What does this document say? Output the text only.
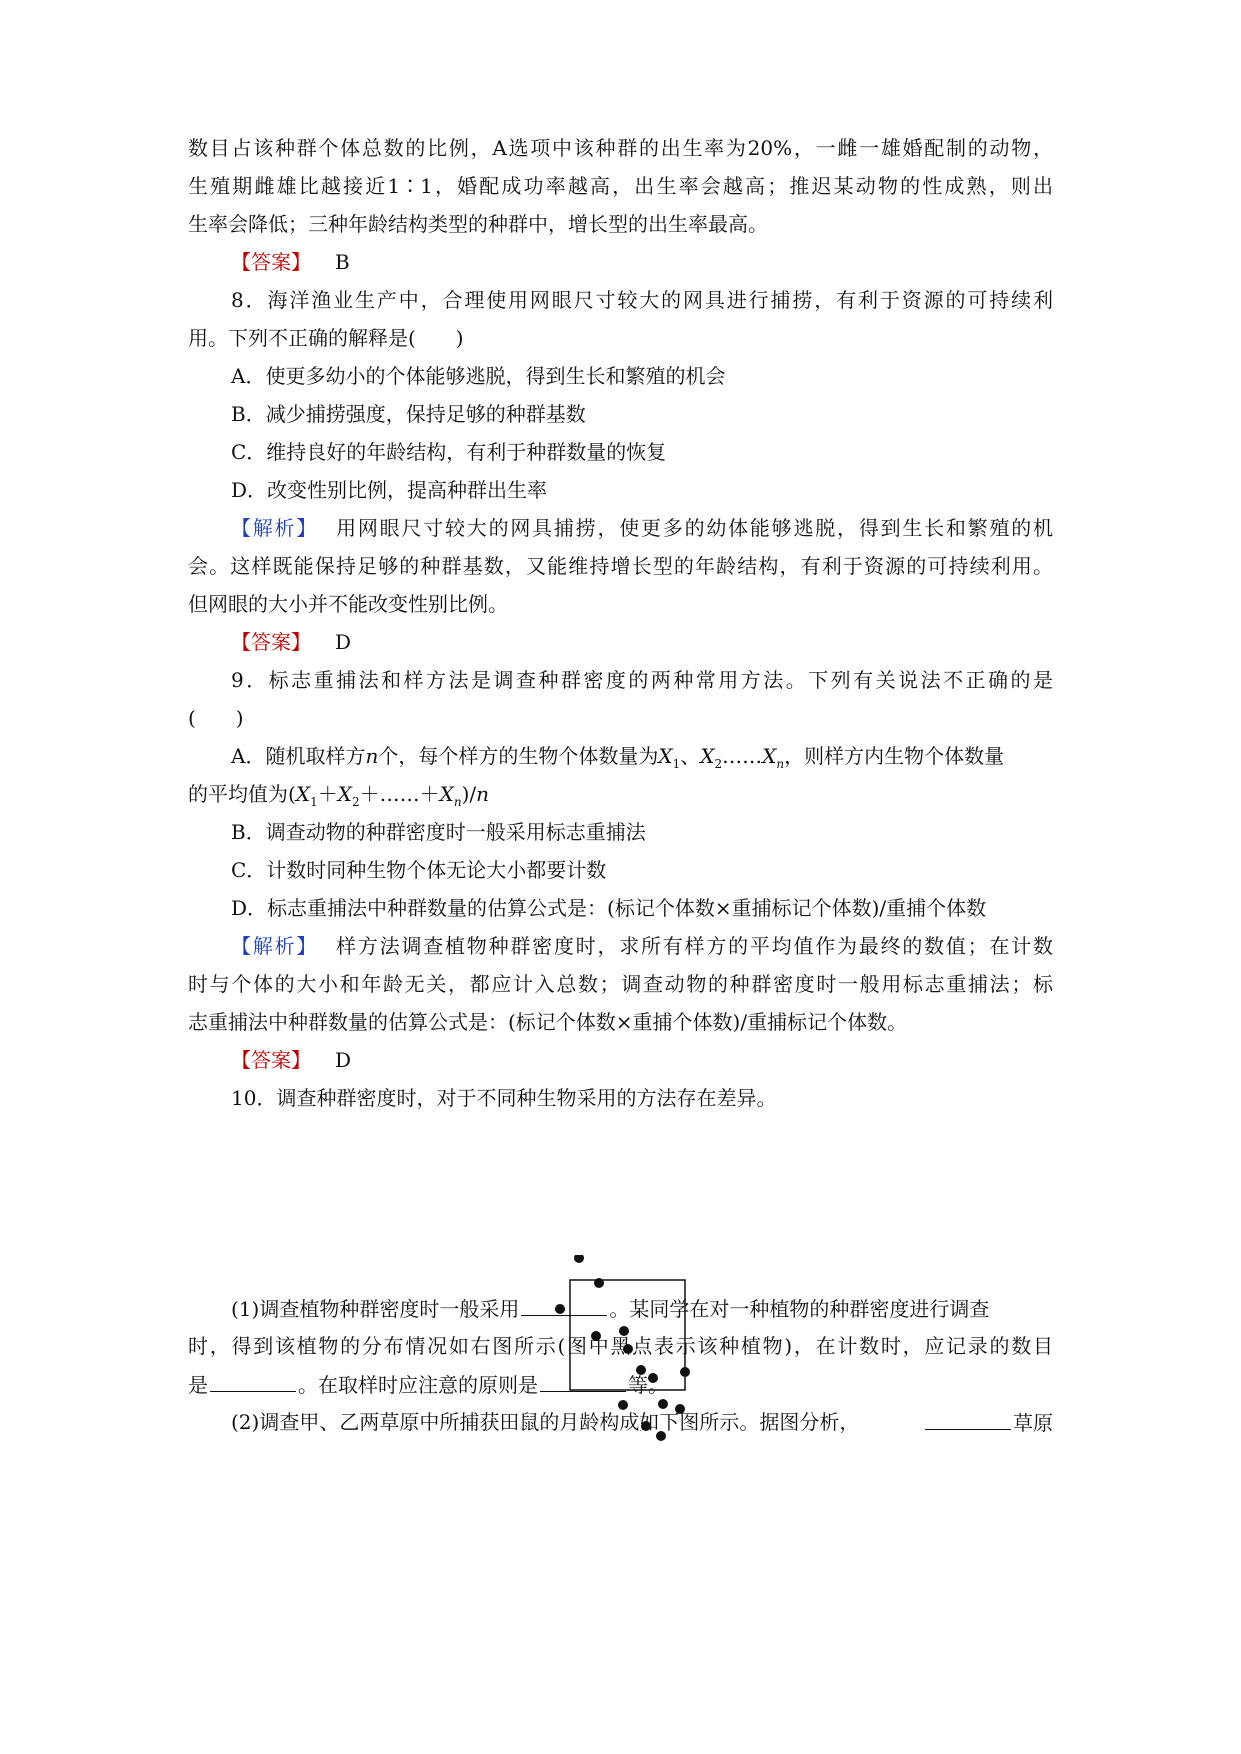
数目占该种群个体总数的比例，A选项中该种群的出生率为20%，一雌一雄婚配制的动物，
生殖期雌雄比越接近1∶1，婚配成功率越高，出生率会越高；推迟某动物的性成熟，则出
生率会降低；三种年龄结构类型的种群中，增长型的出生率最高。
【答案】 B
8．海洋渔业生产中，合理使用网眼尺寸较大的网具进行捕捞，有利于资源的可持续利
用。下列不正确的解释是(　　)
A．使更多幼小的个体能够逃脱，得到生长和繁殖的机会
B．减少捕捞强度，保持足够的种群基数
C．维持良好的年龄结构，有利于种群数量的恢复
D．改变性别比例，提高种群出生率
【解析】 用网眼尺寸较大的网具捕捞，使更多的幼体能够逃脱，得到生长和繁殖的机
会。这样既能保持足够的种群基数，又能维持增长型的年龄结构，有利于资源的可持续利用。
但网眼的大小并不能改变性别比例。
【答案】 D
9．标志重捕法和样方法是调查种群密度的两种常用方法。下列有关说法不正确的是
(　　)
A．随机取样方n个，每个样方的生物个体数量为$X_1$、$X_2\dots\dots X_n$，则样方内生物个体数量
的平均值为$(X_1+X_2+\dots\dots+X_n)/n$
B．调查动物的种群密度时一般采用标志重捕法
C．计数时同种生物个体无论大小都要计数
D．标志重捕法中种群数量的估算公式是：(标记个体数×重捕标记个体数)/重捕个体数
【解析】 样方法调查植物种群密度时，求所有样方的平均值作为最终的数值；在计数
时与个体的大小和年龄无关，都应计入总数；调查动物的种群密度时一般用标志重捕法；标
志重捕法中种群数量的估算公式是：(标记个体数×重捕个体数)/重捕标记个体数。
【答案】 D
10．调查种群密度时，对于不同种生物采用的方法存在差异。
(1)调查植物种群密度时一般采用	。某同学在对一种植物的种群密度进行调查
时，得到该植物的分布情况如右图所示(图中黑点表示该种植物)，在计数时，应记录的数目
是	。在取样时应注意的原则是	等。
(2)调查甲、乙两草原中所捕获田鼠的月龄构成如下图所示。据图分析，	草原
